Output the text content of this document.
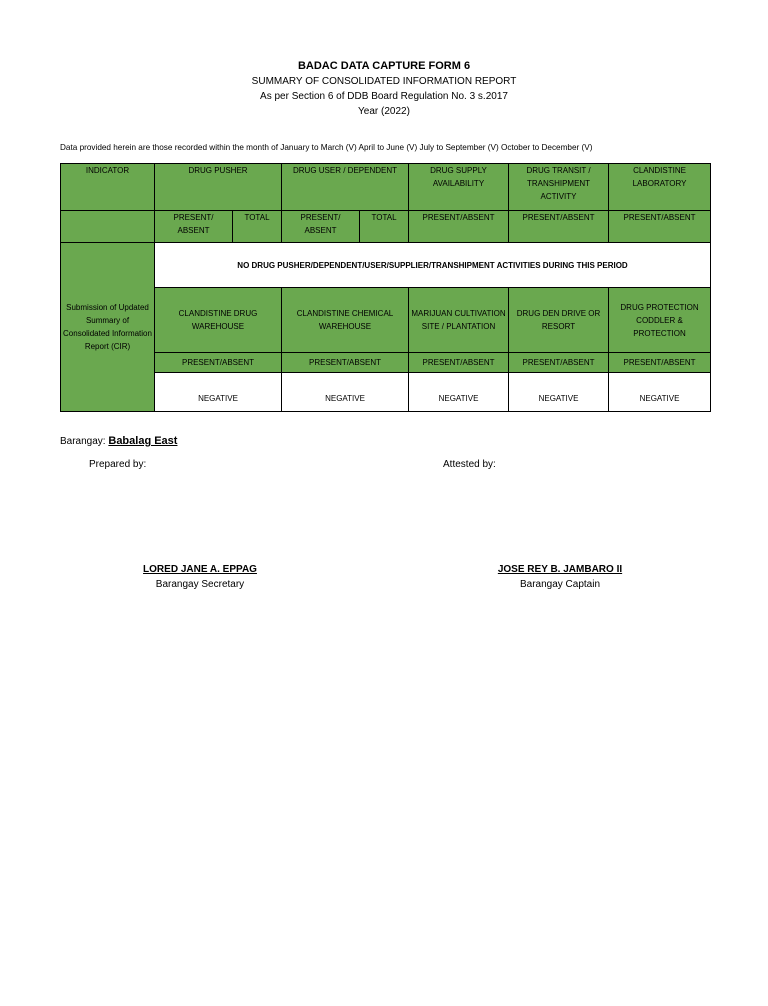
BADAC DATA CAPTURE FORM 6
SUMMARY OF CONSOLIDATED INFORMATION REPORT
As per Section 6 of DDB Board Regulation No. 3 s.2017
Year (2022)
Data provided herein are those recorded within the month of January to March (V) April to June (V) July to September (V) October to December (V)
INDICATOR	DRUG PUSHER		DRUG USER / DEPENDENT		DRUG SUPPLY AVAILABILITY	DRUG TRANSIT / TRANSHIPMENT ACTIVITY	CLANDISTINE LABORATORY
	PRESENT/ ABSENT	TOTAL	PRESENT/ ABSENT	TOTAL	PRESENT/ABSENT	PRESENT/ABSENT	PRESENT/ABSENT
Submission of Updated Summary of Consolidated Information Report (CIR)	NO DRUG PUSHER/DEPENDENT/USER/SUPPLIER/TRANSHIPMENT ACTIVITIES DURING THIS PERIOD						
	CLANDISTINE DRUG WAREHOUSE		CLANDISTINE CHEMICAL WAREHOUSE		MARIJUAN CULTIVATION SITE / PLANTATION	DRUG DEN DRIVE OR RESORT	DRUG PROTECTION CODDLER & PROTECTION
	PRESENT/ABSENT		PRESENT/ABSENT		PRESENT/ABSENT	PRESENT/ABSENT	PRESENT/ABSENT
	NEGATIVE		NEGATIVE		NEGATIVE	NEGATIVE	NEGATIVE
Barangay: Babalag East
Prepared by:	Attested by:
LORED JANE A. EPPAG
Barangay Secretary
JOSE REY B. JAMBARO II
Barangay Captain
